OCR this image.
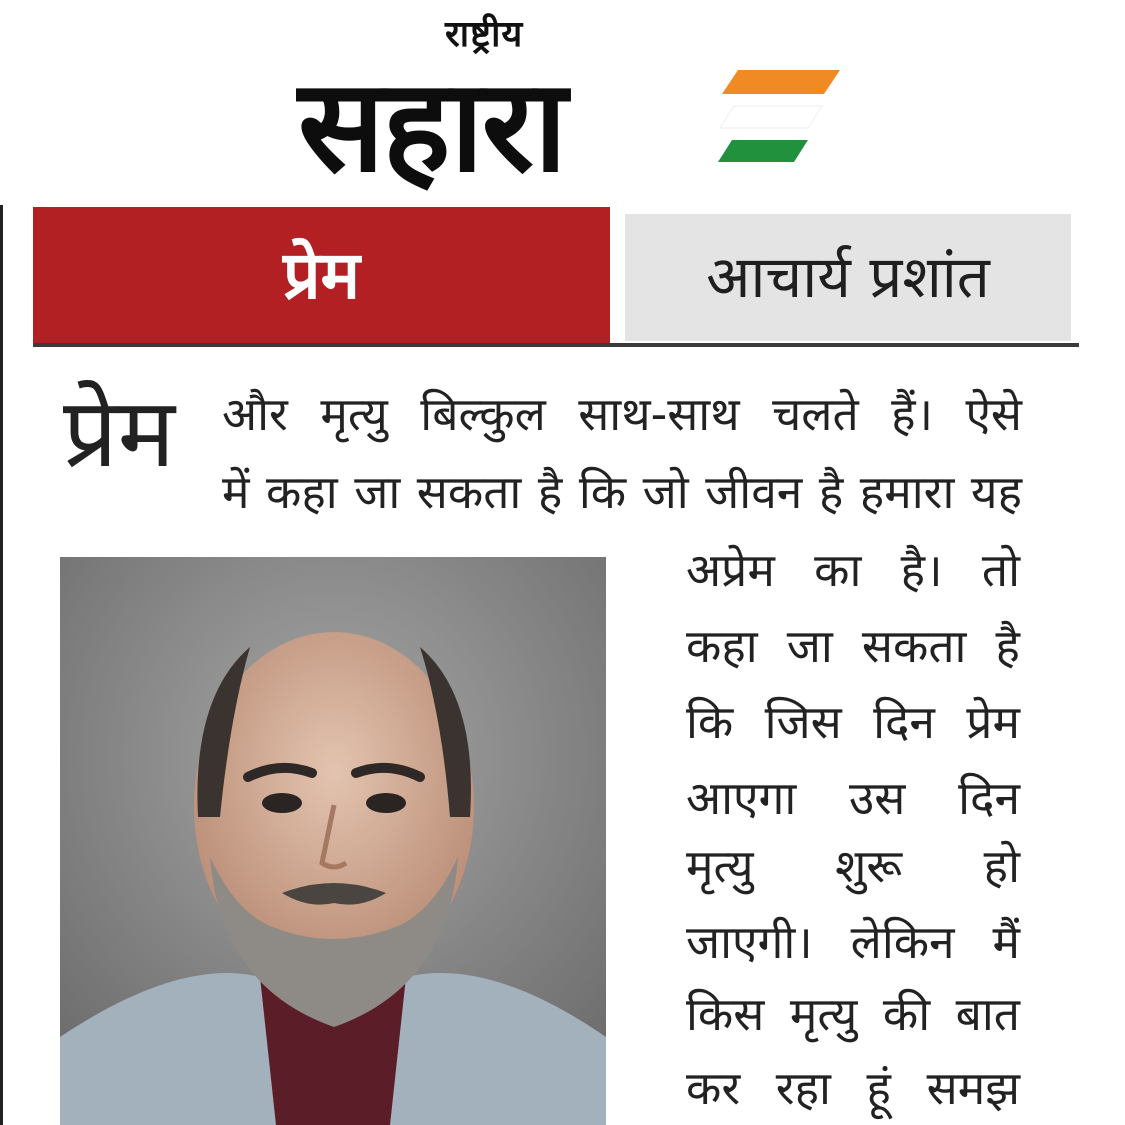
राष्ट्रीय
सहारा
प्रेम	आचार्य प्रशांत
प्रेम और मृत्यु बिल्कुल साथ-साथ चलते हैं। ऐसे
में कहा जा सकता है कि जो जीवन है हमारा यह
अप्रेम का है। तो
कहा जा सकता है
कि जिस दिन प्रेम
आएगा उस दिन
मृत्यु शुरू हो
जाएगी। लेकिन मैं
किस मृत्यु की बात
कर रहा हूं समझ
